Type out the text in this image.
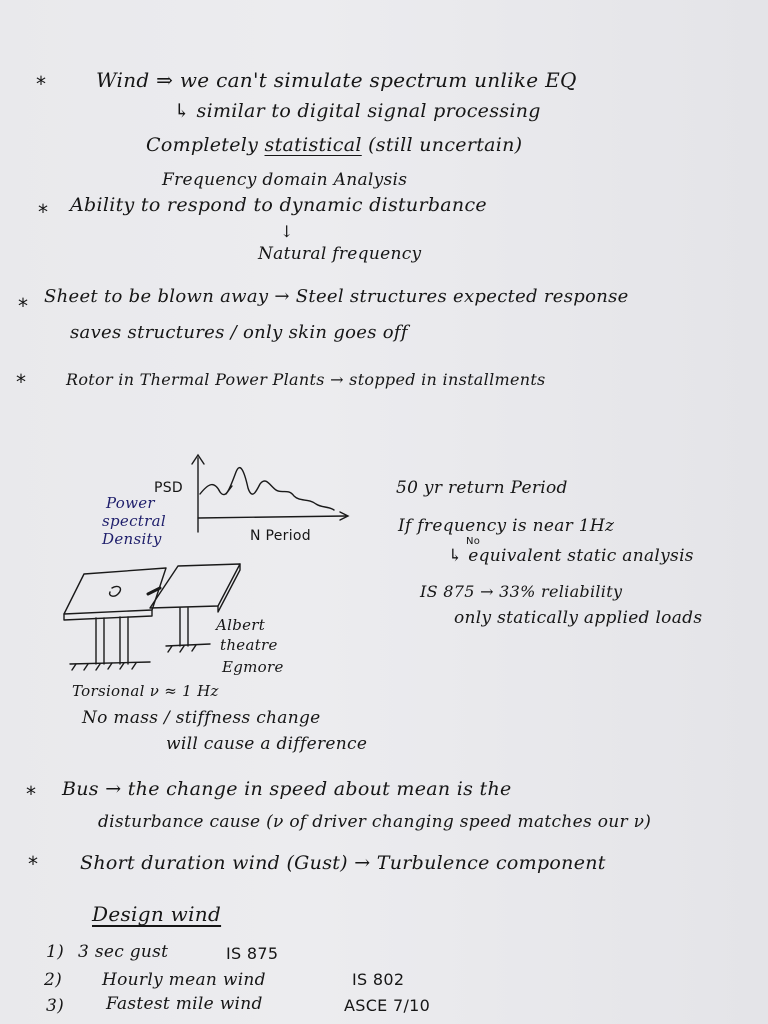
*	Wind ⇒ we can't simulate spectrum unlike EQ
↳ similar to digital signal processing
Completely statistical (still uncertain)
Frequency domain Analysis
* Ability to respond to dynamic disturbance
↓
Natural frequency
* Sheet to be blown away → Steel structures expected response
saves structures / only skin goes off
*	Rotor in Thermal Power Plants → stopped in installments
PSD
Power
spectral
Density	N Period
Albert
theatre
Egmore
Torsional ν ≈ 1 Hz
No mass / stiffness change
will cause a difference
50 yr return Period
If frequency is near 1Hz
No
↳ equivalent static analysis
IS 875 → 33% reliability
only statically applied loads
* Bus → the change in speed about mean is the
disturbance cause (ν of driver changing speed matches our ν)
* Short duration wind (Gust) → Turbulence component
Design wind
1) 3 sec gust	IS 875
2) Hourly mean wind	IS 802
3) Fastest mile wind	ASCE 7/10
